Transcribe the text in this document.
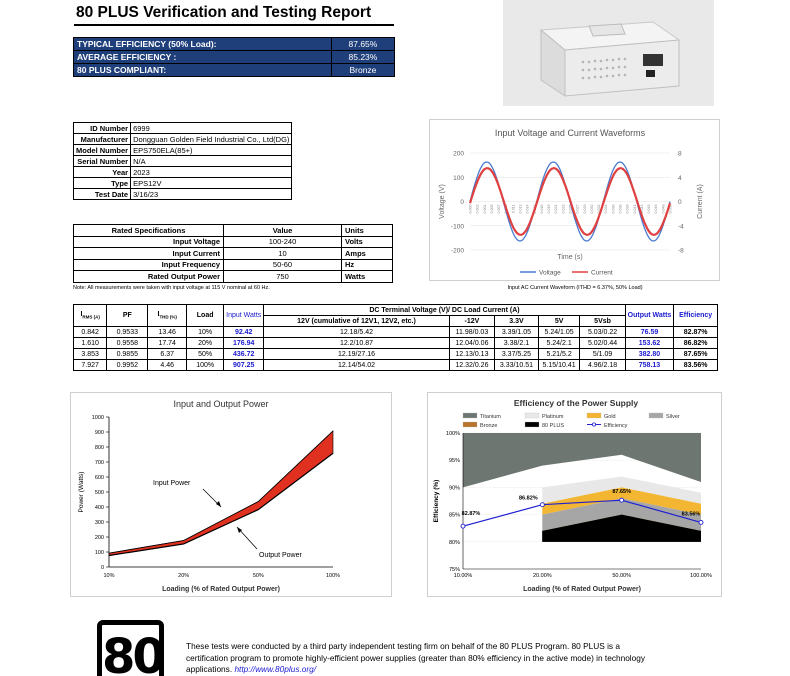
80 PLUS Verification and Testing Report
TYPICAL EFFICIENCY (50% Load):	87.65%
AVERAGE EFFICIENCY :	85.23%
80 PLUS COMPLIANT:	Bronze
ID Number	6999
Manufacturer	Dongguan Golden Field Industrial Co., Ltd(DG)
Model Number	EPS750ELA(85+)
Serial Number	N/A
Year	2023
Type	EPS12V
Test Date	3/16/23
Rated Specifications	Value	Units
Input Voltage	100-240	Volts
Input Current	10	Amps
Input Frequency	50-60	Hz
Rated Output Power	750	Watts
Note: All measurements were taken with input voltage at 115 V nominal at 60 Hz.
Input Voltage and Current Waveforms
200
100
0
-100
-200
8
4
0
-4
-8
0.000 0.002 0.004 0.005 0.007 0.009 0.011 0.013 0.014 0.016 0.018 0.019 0.021 0.023 0.025 0.027 0.029 0.030 0.032 0.034 0.036 0.038 0.039 0.041 0.043 0.045 0.046 0.048 0.050
Voltage (V)	Current (A)
Time (s)
Voltage	Current
Input AC Current Waveform (ITHD = 6.37%, 50% Load)
$I_{RMS (A)}$	PF	$I_{THD (\%)}$	Load	Input Watts	DC Terminal Voltage (V)/ DC Load Current (A)					Output Watts	Efficiency
					12V (cumulative of 12V1, 12V2, etc.)	-12V	3.3V	5V	5Vsb		
0.842	0.9533	13.46	10%	92.42	12.18/5.42	11.98/0.03	3.39/1.05	5.24/1.05	5.03/0.22	76.59	82.87%
1.610	0.9558	17.74	20%	176.94	12.2/10.87	12.04/0.06	3.38/2.1	5.24/2.1	5.02/0.44	153.62	86.82%
3.853	0.9855	6.37	50%	436.72	12.19/27.16	12.13/0.13	3.37/5.25	5.21/5.2	5/1.09	382.80	87.65%
7.927	0.9952	4.46	100%	907.25	12.14/54.02	12.32/0.26	3.33/10.51	5.15/10.41	4.96/2.18	758.13	83.56%
Input and Output Power
0
100
200
300
400
500
600
700
800
900
1000
10%	20%	50%	100%
Input Power
Output Power
Power (Watts)
Loading (% of Rated Output Power)
Efficiency of the Power Supply
Titanium	Platinum	Gold	Silver
Bronze	80 PLUS	Efficiency
100%
95%
90%
85%
80%
75%
10.00%	20.00%	50.00%	100.00%
82.87%
86.82%
87.65%
83.56%
Efficiency (%)
Loading (% of Rated Output Power)
80	These tests were conducted by a third party independent testing firm on behalf of the 80 PLUS Program. 80 PLUS is a certification program to promote highly-efficient power supplies (greater than 80% efficiency in the active mode) in technology applications. http://www.80plus.org/
